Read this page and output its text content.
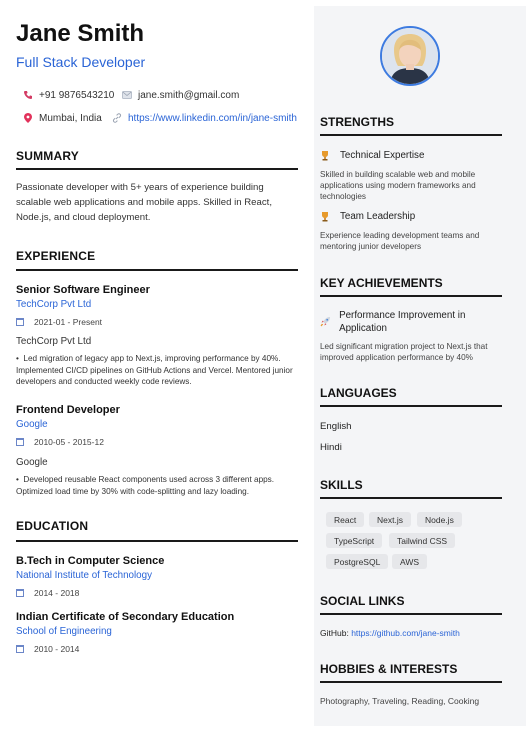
Jane Smith
Full Stack Developer
+91 9876543210 jane.smith@gmail.com
Mumbai, India	https://www.linkedin.com/in/jane-smith
SUMMARY
Passionate developer with 5+ years of experience building scalable web applications and mobile apps. Skilled in React, Node.js, and cloud deployment.
EXPERIENCE
Senior Software Engineer
TechCorp Pvt Ltd
2021-01 - Present
TechCorp Pvt Ltd
•  Led migration of legacy app to Next.js, improving performance by 40%. Implemented CI/CD pipelines on GitHub Actions and Vercel. Mentored junior developers and conducted weekly code reviews.
Frontend Developer
Google
2010-05 - 2015-12
Google
•  Developed reusable React components used across 3 different apps. Optimized load time by 30% with code-splitting and lazy loading.
EDUCATION
B.Tech in Computer Science
National Institute of Technology
2014 - 2018
Indian Certificate of Secondary Education
School of Engineering
2010 - 2014
STRENGTHS
Technical Expertise
Skilled in building scalable web and mobile applications using modern frameworks and technologies
Team Leadership
Experience leading development teams and mentoring junior developers
KEY ACHIEVEMENTS
Performance Improvement in Application
Led significant migration project to Next.js that improved application performance by 40%
LANGUAGES
English
Hindi
SKILLS
React	Next.js	Node.js
TypeScript	Tailwind CSS
PostgreSQL	AWS
SOCIAL LINKS
GitHub: https://github.com/jane-smith
HOBBIES & INTERESTS
Photography, Traveling, Reading, Cooking
